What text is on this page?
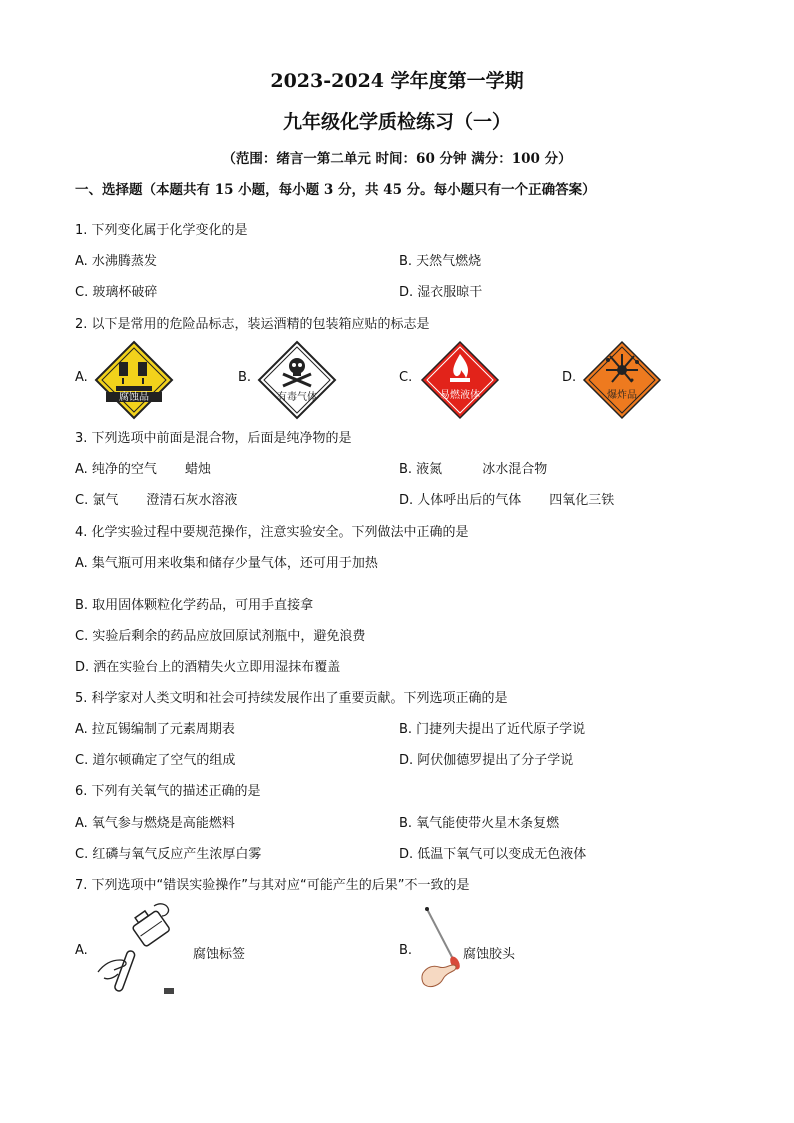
2023-2024 学年度第一学期
九年级化学质检练习（一）
（范围：绪言一第二单元 时间：60 分钟 满分：100 分）
一、选择题（本题共有 15 小题，每小题 3 分，共 45 分。每小题只有一个正确答案）
1. 下列变化属于化学变化的是
A. 水沸腾蒸发	B. 天然气燃烧
C. 玻璃杯破碎	D. 湿衣服晾干
2. 以下是常用的危险品标志，装运酒精的包装箱应贴的标志是
A.
腐蚀品
B.
有毒气体
C.
易燃液体
D.
爆炸品
3. 下列选项中前面是混合物，后面是纯净物的是
A. 纯净的空气 蜡烛	B. 液氮	冰水混合物
C. 氯气 澄清石灰水溶液	D. 人体呼出后的气体 四氧化三铁
4. 化学实验过程中要规范操作，注意实验安全。下列做法中正确的是
A. 集气瓶可用来收集和储存少量气体，还可用于加热
B. 取用固体颗粒化学药品，可用手直接拿
C. 实验后剩余的药品应放回原试剂瓶中，避免浪费
D. 洒在实验台上的酒精失火立即用湿抹布覆盖
5. 科学家对人类文明和社会可持续发展作出了重要贡献。下列选项正确的是
A. 拉瓦锡编制了元素周期表	B. 门捷列夫提出了近代原子学说
C. 道尔顿确定了空气的组成	D. 阿伏伽德罗提出了分子学说
6. 下列有关氧气的描述正确的是
A. 氧气参与燃烧是高能燃料	B. 氧气能使带火星木条复燃
C. 红磷与氧气反应产生浓厚白雾	D. 低温下氧气可以变成无色液体
7. 下列选项中“错误实验操作”与其对应“可能产生的后果”不一致的是
A.	腐蚀标签	B.	腐蚀胶头
